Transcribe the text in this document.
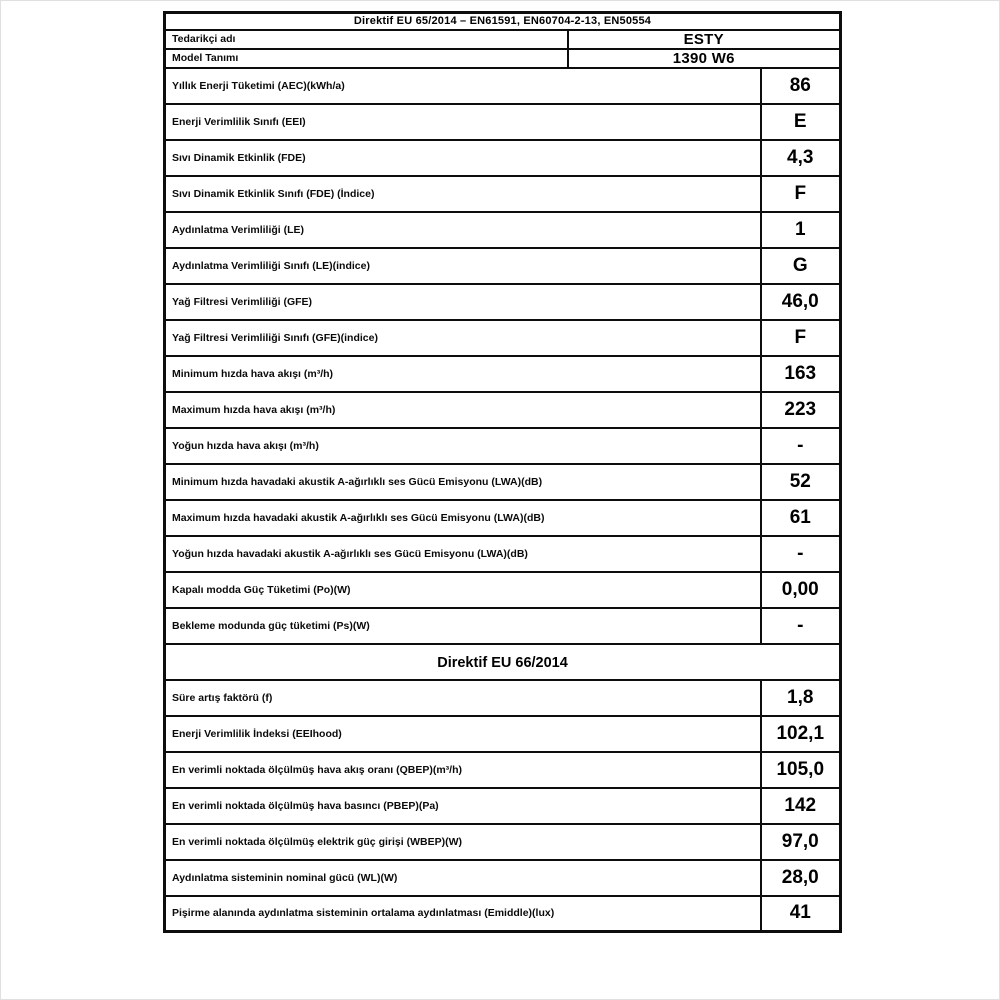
Direktif EU 65/2014 – EN61591, EN60704-2-13, EN50554		
Tedarikçi adı	ESTY	
Model Tanımı	1390 W6	
Yıllık Enerji Tüketimi (AEC)(kWh/a)		86
Enerji Verimlilik Sınıfı (EEI)		E
Sıvı Dinamik Etkinlik (FDE)		4,3
Sıvı Dinamik Etkinlik Sınıfı (FDE) (İndice)		F
Aydınlatma Verimliliği (LE)		1
Aydınlatma Verimliliği Sınıfı (LE)(indice)		G
Yağ Filtresi Verimliliği (GFE)		46,0
Yağ Filtresi Verimliliği Sınıfı (GFE)(indice)		F
Minimum hızda hava akışı (m³/h)		163
Maximum hızda hava akışı (m³/h)		223
Yoğun hızda hava akışı (m³/h)		-
Minimum hızda havadaki akustik A-ağırlıklı ses Gücü Emisyonu (LWA)(dB)		52
Maximum hızda havadaki akustik A-ağırlıklı ses Gücü Emisyonu (LWA)(dB)		61
Yoğun hızda havadaki akustik A-ağırlıklı ses Gücü Emisyonu (LWA)(dB)		-
Kapalı modda Güç Tüketimi (Po)(W)		0,00
Bekleme modunda güç tüketimi (Ps)(W)		-
Direktif EU 66/2014		
Süre artış faktörü (f)		1,8
Enerji Verimlilik İndeksi (EEIhood)		102,1
En verimli noktada ölçülmüş hava akış oranı (QBEP)(m³/h)		105,0
En verimli noktada ölçülmüş hava basıncı (PBEP)(Pa)		142
En verimli noktada ölçülmüş elektrik güç girişi (WBEP)(W)		97,0
Aydınlatma sisteminin nominal gücü (WL)(W)		28,0
Pişirme alanında aydınlatma sisteminin ortalama aydınlatması (Emiddle)(lux)		41
